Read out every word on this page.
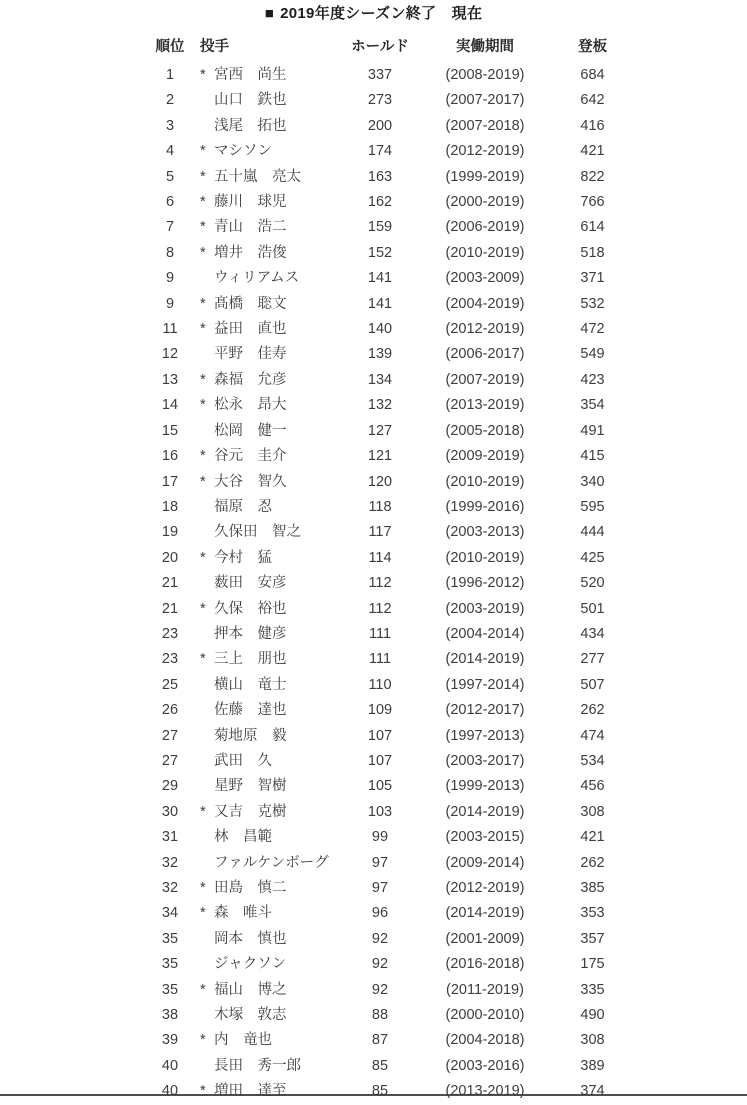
■ 2019年度シーズン終了　現在
順位	投手	ホールド	実働期間	登板
1	* 宮西　尚生	337	(2008-2019)	684
2	山口　鉄也	273	(2007-2017)	642
3	浅尾　拓也	200	(2007-2018)	416
4	* マシソン	174	(2012-2019)	421
5	* 五十嵐　亮太	163	(1999-2019)	822
6	* 藤川　球児	162	(2000-2019)	766
7	* 青山　浩二	159	(2006-2019)	614
8	* 増井　浩俊	152	(2010-2019)	518
9	ウィリアムス	141	(2003-2009)	371
9	* 髙橋　聡文	141	(2004-2019)	532
11	* 益田　直也	140	(2012-2019)	472
12	平野　佳寿	139	(2006-2017)	549
13	* 森福　允彦	134	(2007-2019)	423
14	* 松永　昂大	132	(2013-2019)	354
15	松岡　健一	127	(2005-2018)	491
16	* 谷元　圭介	121	(2009-2019)	415
17	* 大谷　智久	120	(2010-2019)	340
18	福原　忍	118	(1999-2016)	595
19	久保田　智之	117	(2003-2013)	444
20	* 今村　猛	114	(2010-2019)	425
21	薮田　安彦	112	(1996-2012)	520
21	* 久保　裕也	112	(2003-2019)	501
23	押本　健彦	111	(2004-2014)	434
23	* 三上　朋也	111	(2014-2019)	277
25	横山　竜士	110	(1997-2014)	507
26	佐藤　達也	109	(2012-2017)	262
27	菊地原　毅	107	(1997-2013)	474
27	武田　久	107	(2003-2017)	534
29	星野　智樹	105	(1999-2013)	456
30	* 又吉　克樹	103	(2014-2019)	308
31	林　昌範	99	(2003-2015)	421
32	ファルケンボーグ	97	(2009-2014)	262
32	* 田島　慎二	97	(2012-2019)	385
34	* 森　唯斗	96	(2014-2019)	353
35	岡本　慎也	92	(2001-2009)	357
35	ジャクソン	92	(2016-2018)	175
35	* 福山　博之	92	(2011-2019)	335
38	木塚　敦志	88	(2000-2010)	490
39	* 内　竜也	87	(2004-2018)	308
40	長田　秀一郎	85	(2003-2016)	389
40	* 増田　達至	85	(2013-2019)	374
